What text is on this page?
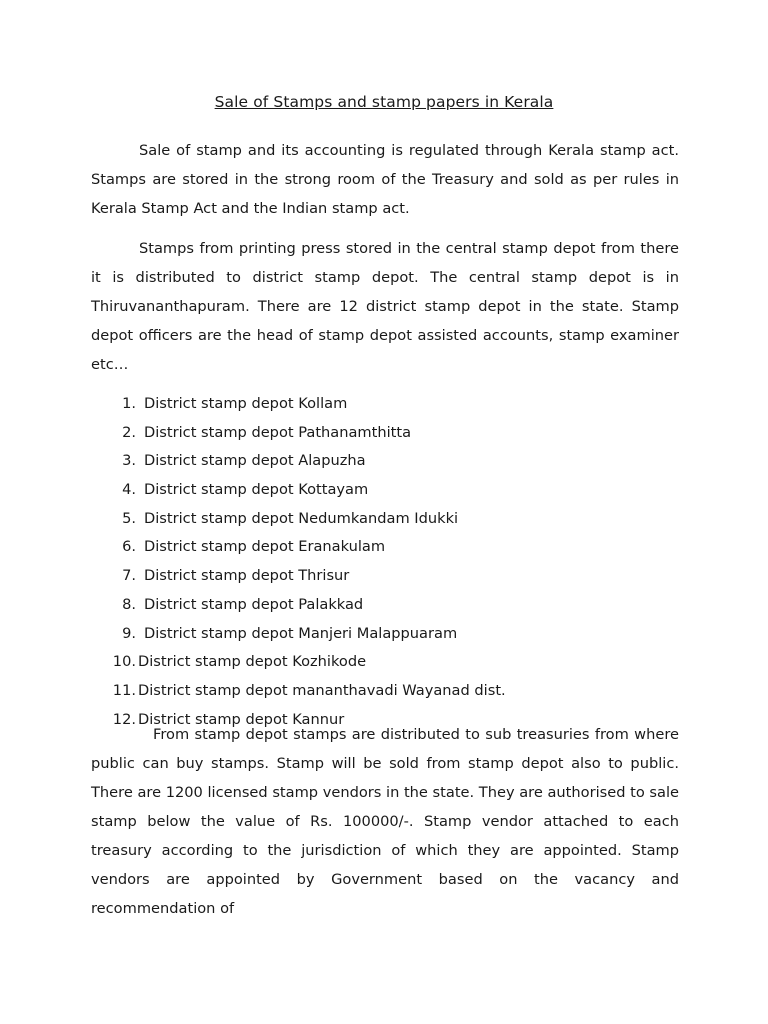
Sale of Stamps and stamp papers in Kerala

Sale of stamp and its accounting is regulated through Kerala stamp act. Stamps are stored in the strong room of the Treasury and sold as per rules in Kerala Stamp Act and the Indian stamp act.

Stamps from printing press stored in the central stamp depot from there it is distributed to district stamp depot. The central stamp depot is in Thiruvananthapuram. There are 12 district stamp depot in the state. Stamp depot officers are the head of stamp depot assisted accounts, stamp examiner etc…

1. District stamp depot Kollam
2. District stamp depot Pathanamthitta
3. District stamp depot Alapuzha
4. District stamp depot Kottayam
5. District stamp depot Nedumkandam Idukki
6. District stamp depot Eranakulam
7. District stamp depot Thrisur
8. District stamp depot Palakkad
9. District stamp depot Manjeri Malappuaram
10. District stamp depot Kozhikode
11. District stamp depot mananthavadi Wayanad dist.
12. District stamp depot Kannur

From stamp depot stamps are distributed to sub treasuries from where public can buy stamps. Stamp will be sold from stamp depot also to public. There are 1200 licensed stamp vendors in the state. They are authorised to sale stamp below the value of Rs. 100000/-. Stamp vendor attached to each treasury according to the jurisdiction of which they are appointed. Stamp vendors are appointed by Government based on the vacancy and recommendation of
